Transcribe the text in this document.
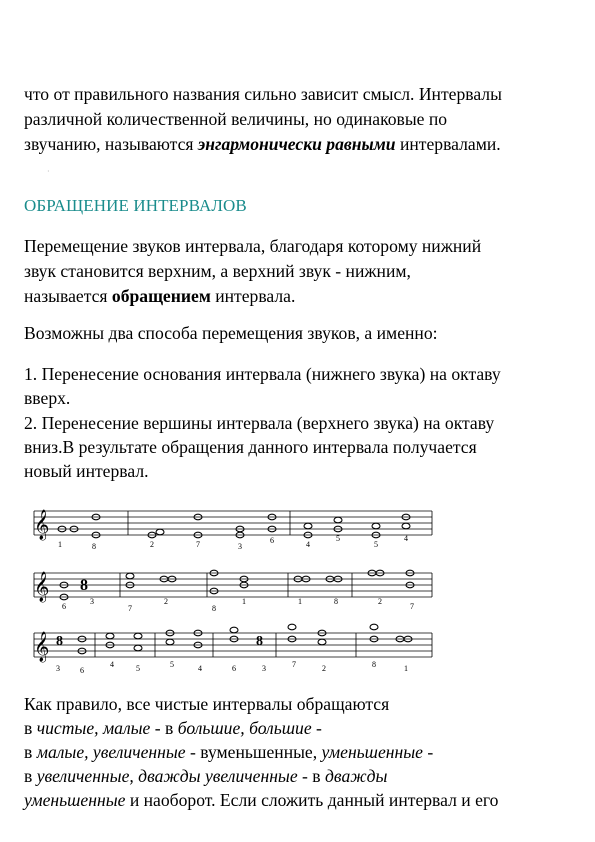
что от правильного названия сильно зависит смысл. Интервалы
различной количественной величины, но одинаковые по
звучанию, называются энгармонически равными интервалами.
·
ОБРАЩЕНИЕ ИНТЕРВАЛОВ
Перемещение звуков интервала, благодаря которому нижний
звук становится верхним, а верхний звук - нижним,
называется обращением интервала.
Возможны два способа перемещения звуков, а именно:
1. Перенесение основания интервала (нижнего звука) на октаву
вверх.
2. Перенесение вершины интервала (верхнего звука) на октаву
вниз.В результате обращения данного интервала получается
новый интервал.
𝄞
1	8	2	7	3
6	4
5
5
4
𝄞 8
6
3
7
2
8
1	1	8	2
7
𝄞 8	8
3	6
4	5	5	4	6	3	7	2	8	1
Как правило, все чистые интервалы обращаются
в чистые, малые - в большие, большие -
в малые, увеличенные - вуменьшенные, уменьшенные -
в увеличенные, дважды увеличенные - в дважды
уменьшенные и наоборот. Если сложить данный интервал и его
